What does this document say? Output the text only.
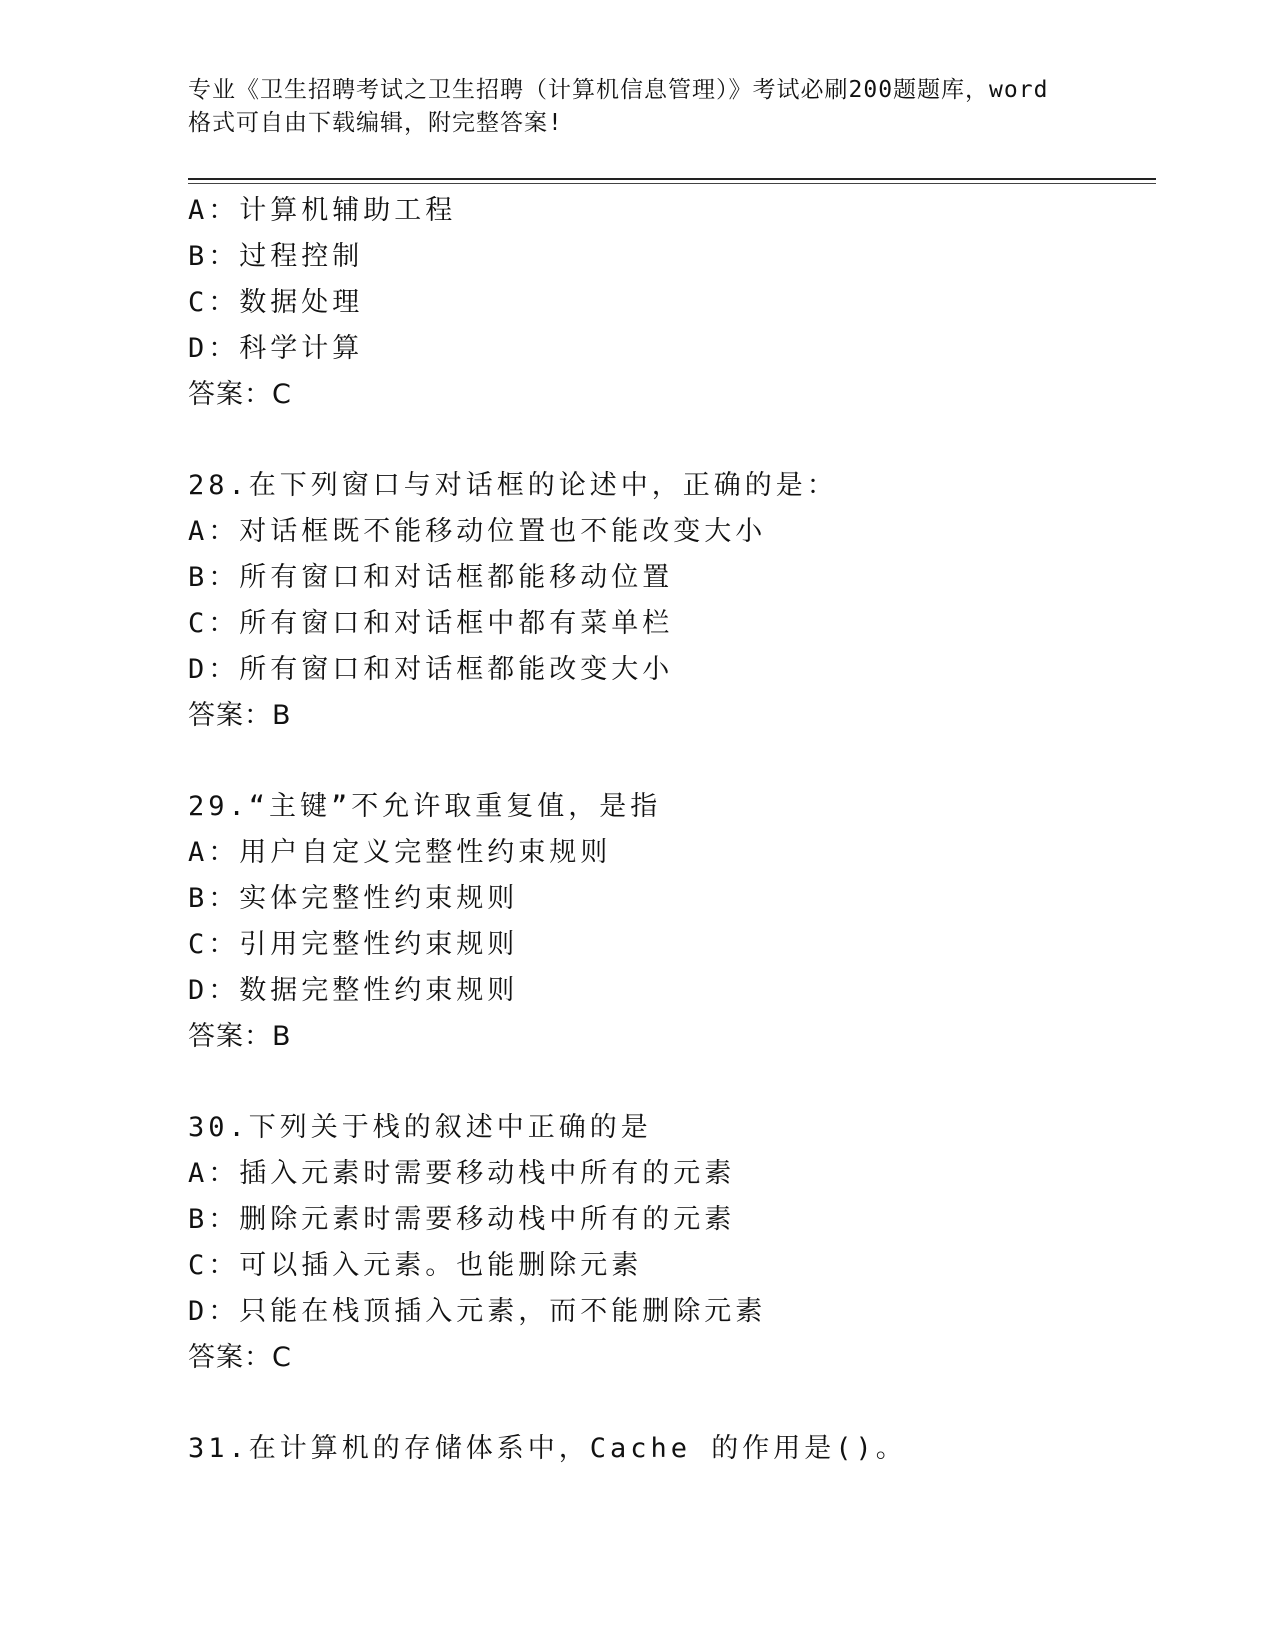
专业《卫生招聘考试之卫生招聘（计算机信息管理）》考试必刷200题题库，word
格式可自由下载编辑，附完整答案!
A：计算机辅助工程
B：过程控制
C：数据处理
D：科学计算
答案：C
28.在下列窗口与对话框的论述中，正确的是：
A：对话框既不能移动位置也不能改变大小
B：所有窗口和对话框都能移动位置
C：所有窗口和对话框中都有菜单栏
D：所有窗口和对话框都能改变大小
答案：B
29.“主键”不允许取重复值，是指
A：用户自定义完整性约束规则
B：实体完整性约束规则
C：引用完整性约束规则
D：数据完整性约束规则
答案：B
30.下列关于栈的叙述中正确的是
A：插入元素时需要移动栈中所有的元素
B：删除元素时需要移动栈中所有的元素
C：可以插入元素。也能删除元素
D：只能在栈顶插入元素，而不能删除元素
答案：C
31.在计算机的存储体系中，Cache 的作用是()。
